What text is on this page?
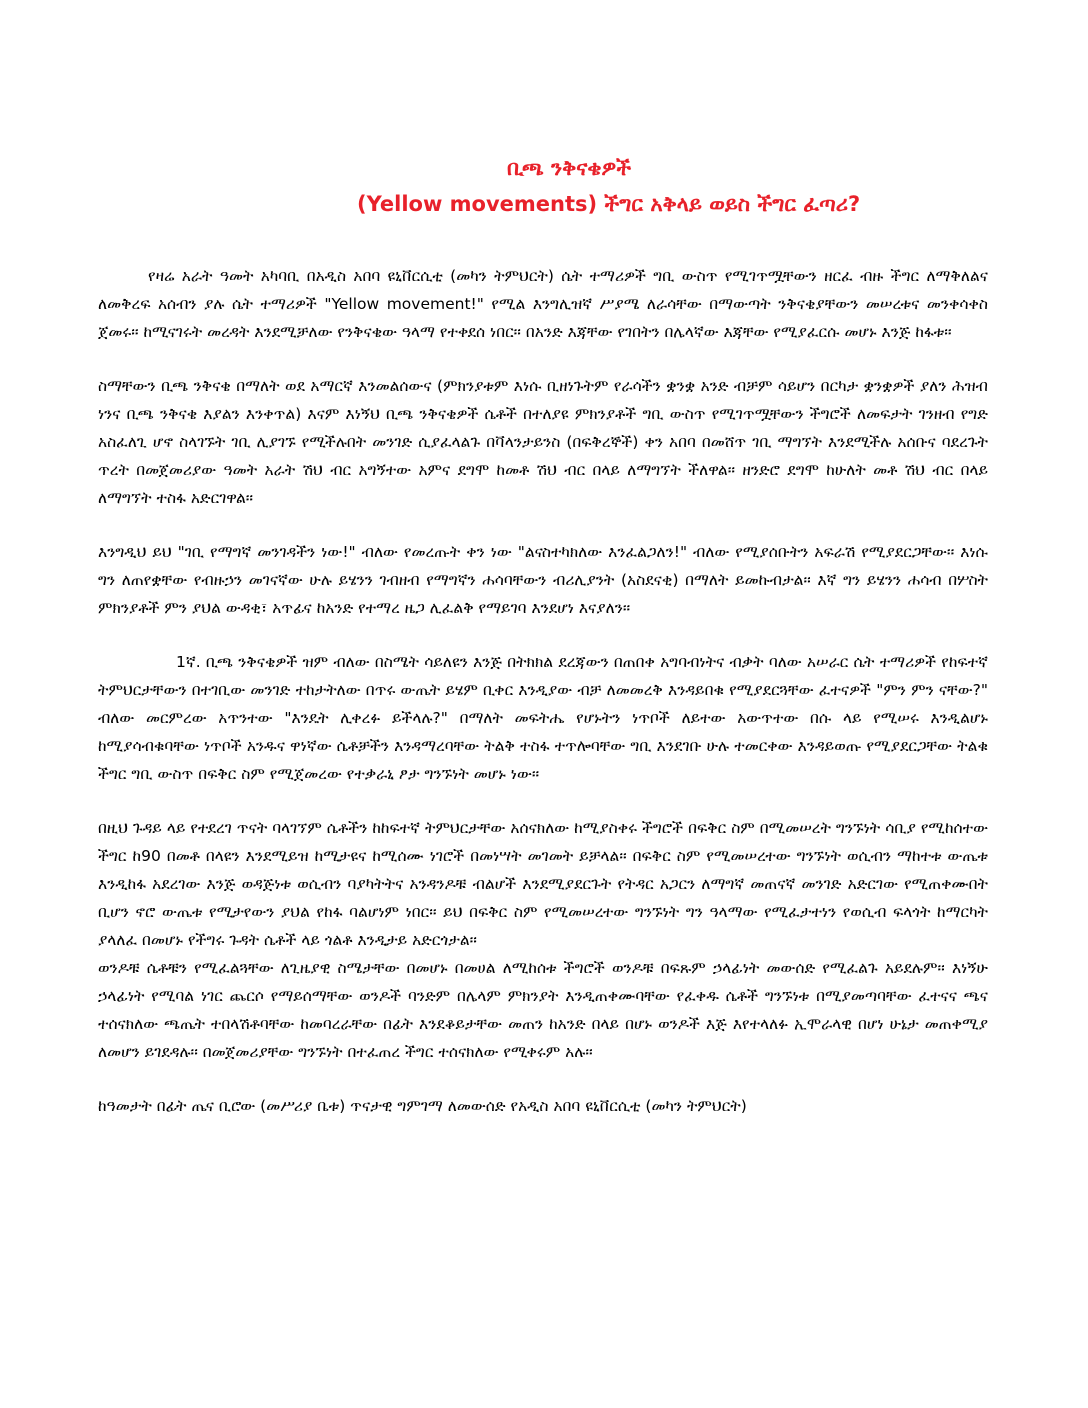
ቢጫ ንቅናቄዎች
(Yellow movements) ችግር አቅላይ ወይስ ችግር ፈጣሪ?

የዛሬ አራት ዓመት አካባቢ በአዲስ አበባ ዩኒቨርሲቲ (መካን ትምህርት) ሴት ተማሪዎች ግቢ ውስጥ የሚገጥሟቸውን ዘርፈ ብዙ ችግር ለማቅለልና ለመቅረፍ አሰብን ያሉ ሴት ተማሪዎች "Yellow movement!" የሚል እንግሊዝኛ ሥያሜ ለራሳቸው በማውጣት ንቅናቄያቸውን መሠረቱና መንቀሳቀስ ጀመሩ፡፡ ከሚናገሩት መረዳት እንደሚቻለው የንቅናቄው ዓላማ የተቀደሰ ነበር፡፡ በአንድ እጃቸው የገበትን በሌላኛው እጃቸው የሚያፈርሱ መሆኑ እንጅ ከፋቱ፡፡

ስማቸውን ቢጫ ንቅናቄ በማለት ወደ አማርኛ እንመልሰውና (ምክንያቱም እነሱ ቢዘነጉትም የራሳችን ቋንቋ አንድ ብቻም ሳይሆን በርካታ ቋንቋዎች ያለን ሕዝብ ነንና ቢጫ ንቅናቄ እያልን እንቀጥል) እናም እነኝህ ቢጫ ንቅናቄዎች ሴቶች በተለያዩ ምክንያቶች ግቢ ውስጥ የሚገጥሟቸውን ችግሮች ለመፍታት ገንዘብ የግድ አስፈለጊ ሆኖ ስላገኙት ገቢ ሊያገኙ የሚችሉበት መንገድ ሲያፈላልጉ በቫላንታይንስ (በፍቅረኞች) ቀን አበባ በመሸጥ ገቢ ማግኘት እንደሚችሉ አሰቡና ባደረጉት ጥረት በመጀመሪያው ዓመት አራት ሽህ ብር አግኝተው አምና ደግሞ ከመቶ ሽህ ብር በላይ ለማግኘት ችለዋል፡፡ ዘንድሮ ደግሞ ከሁለት መቶ ሽህ ብር በላይ ለማግኘት ተስፋ አድርገዋል፡፡

እንግዲህ ይህ "ገቢ የማግኛ መንገዳችን ነው!" ብለው የመረጡት ቀን ነው "ልናስተካክለው እንፈልጋለን!" ብለው የሚያሰቡትን አፍራሽ የሚያደርጋቸው፡፡ እነሱ ግን ለጠየቋቸው የብዙኃን መገናኛው ሁሉ ይሄንን ገብዘብ የማግኛን ሐሳባቸውን ብሪሊያንት (አስደናቂ) በማለት ይመኩብታል፡፡ እኛ ግን ይሄንን ሐሳብ በሦስት ምክንያቶች ምን ያህል ውዳቂ፣ አጥፊና ከአንድ የተማረ ዜጋ ሊፈልቅ የማይገባ እንደሆነ እናያለን፡፡

1ኛ. ቢጫ ንቅናቄዎች ዝም ብለው በስሜት ሳይለዩን እንጅ በትክክል ደረጃውን በጠበቀ አግባብነትና ብቃት ባለው አሠራር ሴት ተማሪዎች የከፍተኛ ትምህርታቸውን በተገቢው መንገድ ተከታትለው በጥሩ ውጤት ይሄም ቢቀር እንዲያው ብቻ ለመመረቅ እንዳይበቁ የሚያደርጓቸው ፈተናዎች "ምን ምን ናቸው?" ብለው መርምረው አጥንተው "እንዴት ሊቀረፉ ይችላሉ?" በማለት መፍትሔ የሆኑትን ነጥቦች ለይተው አውጥተው በሱ ላይ የሚሠሩ እንዲልሆኑ ከሚያሳብቁባቸው ነጥቦች አንዱና ዋነኛው ሴቶቻችን እንዳማረባቸው ትልቅ ተስፋ ተጥሎባቸው ግቢ እንደገቡ ሁሉ ተመርቀው እንዳይወጡ የሚያደርጋቸው ትልቁ ችግር ግቢ ውስጥ በፍቅር ስም የሚጀመረው የተቃራኒ ፆታ ግንኙነት መሆኑ ነው፡፡

በዚህ ጉዳይ ላይ የተደረገ ጥናት ባላገኘም ሴቶችን ከከፍተኛ ትምህርታቸው አሰናክለው ከሚያስቀሩ ችግሮች በፍቅር ስም በሚመሠረት ግንኙነት ሳቢያ የሚከሰተው ችግር ከ90 በመቶ በላዩን እንደሚይዝ ከሚታዩና ከሚሰሙ ነገሮች በመነሣት መገመት ይቻላል፡፡ በፍቅር ስም የሚመሠረተው ግንኙነት ወሲብን ማከተቱ ውጤቱ እንዲከፋ አደረገው እንጅ ወዳጅነቱ ወሲብን ባያካትትና አንዳንዶቹ ብልሆች እንደሚያደርጉት የትዳር አጋርን ለማግኛ መጠናኛ መንገድ አድርገው የሚጠቀሙበት ቢሆን ኖሮ ውጤቱ የሚታየውን ያህል የከፋ ባልሆነም ነበር፡፡ ይህ በፍቅር ስም የሚመሠረተው ግንኙነት ግን ዓላማው የሚፈታተነን የወሲብ ፍላጎት ከማርካት ያላለፈ በመሆኑ የችግሩ ጉዳት ሴቶች ላይ ጎልቶ እንዲታይ አድርጎታል፡፡

ወንዶቹ ሴቶቹን የሚፈልጓቸው ለጊዜያዊ ስሜታቸው በመሆኑ በመሀል ለሚከሰቱ ችግሮች ወንዶቹ በፍጹም ኃላፊነት መውሰድ የሚፈልጉ አይደሉም፡፡ እነኝሁ ኃላፊነት የሚባል ነገር ጨርሶ የማይሰማቸው ወንዶች ባንድም በሌላም ምክንያት እንዲጠቀሙባቸው የፈቀዱ ሴቶች ግንኙነቱ በሚያመጣባቸው ፈተናና ጫና ተሰናክለው ጫጤት ተበላሽቶባቸው ከመባረራቸው በፊት እንደቆይታቸው መጠን ከአንድ በላይ በሆኑ ወንዶች እጅ እየተላለፉ ኢሞራላዊ በሆነ ሁኔታ መጠቀሚያ ለመሆን ይገደዳሉ፡፡ በመጀመሪያቸው ግንኙነት በተፈጠረ ችግር ተሰናክለው የሚቀሩም አሉ፡፡

ከዓመታት በፊት ጤና ቢሮው (መሥሪያ ቤቱ) ጥናታዊ ግምገማ ለመውሰድ የአዲስ አበባ ዩኒቨርሲቲ (መካን ትምህርት)
